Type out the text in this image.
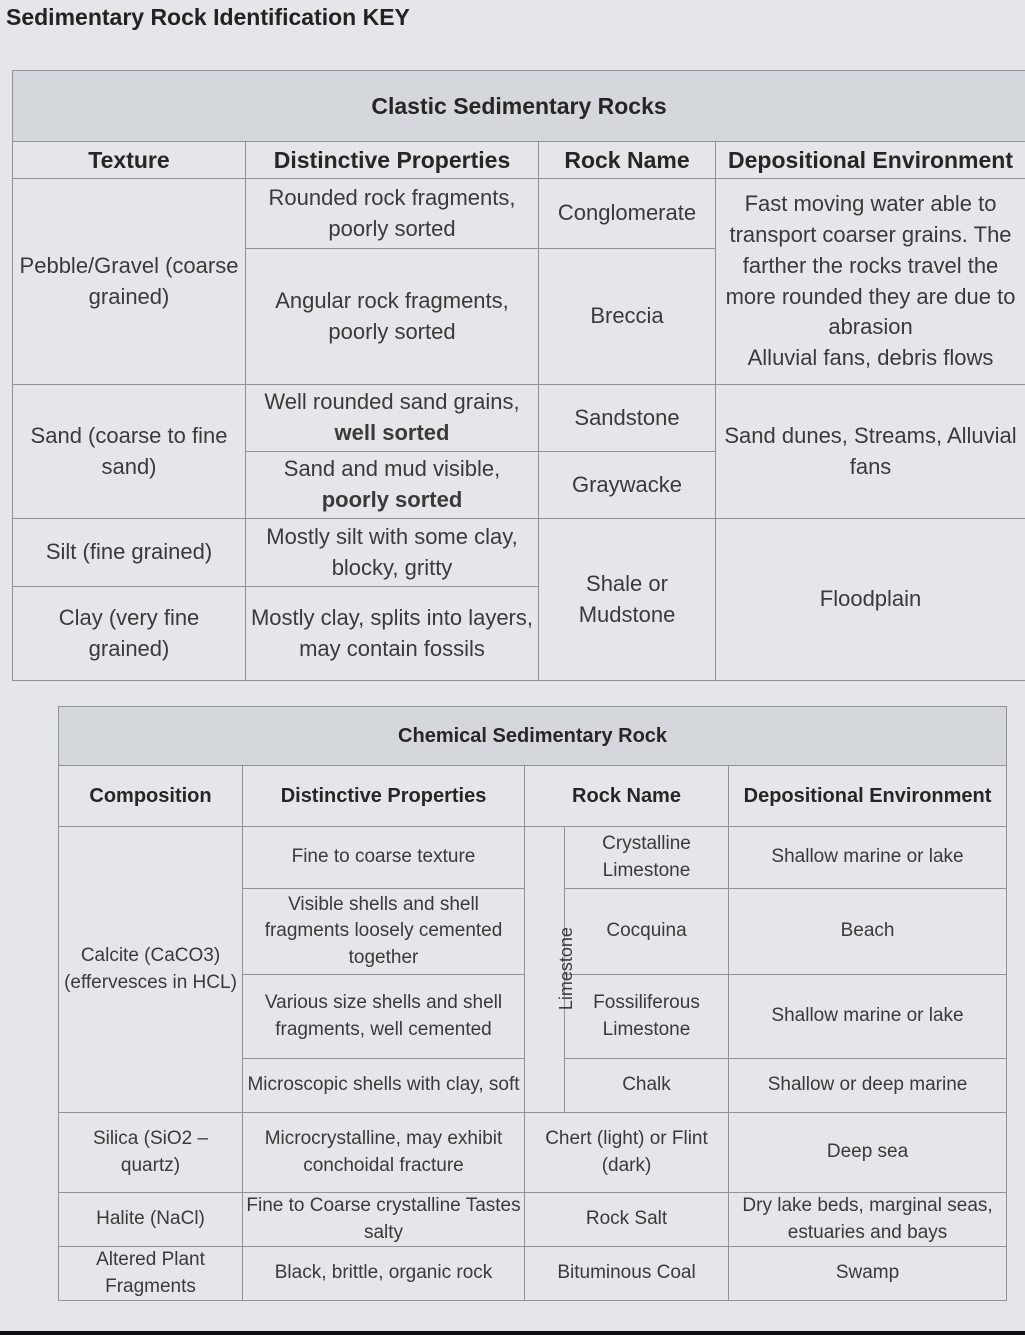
Sedimentary Rock Identification KEY
Clastic Sedimentary Rocks			
Texture	Distinctive Properties	Rock Name	Depositional Environment
Pebble/Gravel (coarse grained)	Rounded rock fragments, poorly sorted	Conglomerate	Fast moving water able to transport coarser grains. The farther the rocks travel the more rounded they are due to abrasion
Alluvial fans, debris flows

	Angular rock fragments, poorly sorted	Breccia	
Sand (coarse to fine sand)	Well rounded sand grains, well sorted	Sandstone	Sand dunes, Streams, Alluvial fans
	Sand and mud visible, poorly sorted	Graywacke	
Silt (fine grained)	Mostly silt with some clay, blocky, gritty	Shale or Mudstone	Floodplain
Clay (very fine grained)	Mostly clay, splits into layers, may contain fossils		
Chemical Sedimentary Rock				
Composition	Distinctive Properties	Rock Name		Depositional Environment
Calcite (CaCO3) (effervesces in HCL)	Fine to coarse texture	Limestone	Crystalline Limestone	Shallow marine or lake
	Visible shells and shell fragments loosely cemented together		Cocquina	Beach
	Various size shells and shell fragments, well cemented		Fossiliferous Limestone	Shallow marine or lake
	Microscopic shells with clay, soft		Chalk	Shallow or deep marine
Silica (SiO2 – quartz)	Microcrystalline, may exhibit conchoidal fracture	Chert (light) or Flint (dark)		Deep sea
Halite (NaCl)	Fine to Coarse crystalline Tastes salty	Rock Salt		Dry lake beds, marginal seas, estuaries and bays
Altered Plant Fragments	Black, brittle, organic rock	Bituminous Coal		Swamp
